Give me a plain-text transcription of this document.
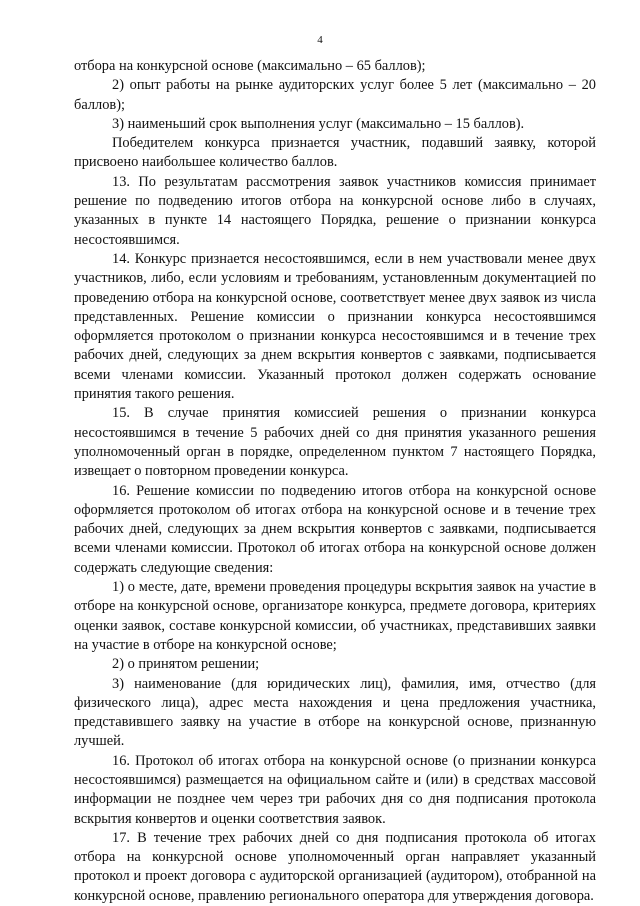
4

отбора на конкурсной основе (максимально – 65 баллов);

2) опыт работы на рынке аудиторских услуг более 5 лет (максимально – 20 баллов);

3) наименьший срок выполнения услуг (максимально – 15 баллов).

Победителем конкурса признается участник, подавший заявку, которой присвоено наибольшее количество баллов.

13. По результатам рассмотрения заявок участников комиссия принимает решение по подведению итогов отбора на конкурсной основе либо в случаях, указанных в пункте 14 настоящего Порядка, решение о признании конкурса несостоявшимся.

14. Конкурс признается несостоявшимся, если в нем участвовали менее двух участников, либо, если условиям и требованиям, установленным документацией по проведению отбора на конкурсной основе, соответствует менее двух заявок из числа представленных. Решение комиссии о признании конкурса несостоявшимся оформляется протоколом о признании конкурса несостоявшимся и в течение трех рабочих дней, следующих за днем вскрытия конвертов с заявками, подписывается всеми членами комиссии. Указанный протокол должен содержать основание принятия такого решения.

15. В случае принятия комиссией решения о признании конкурса несостоявшимся в течение 5 рабочих дней со дня принятия указанного решения уполномоченный орган в порядке, определенном пунктом 7 настоящего Порядка, извещает о повторном проведении конкурса.

16. Решение комиссии по подведению итогов отбора на конкурсной основе оформляется протоколом об итогах отбора на конкурсной основе и в течение трех рабочих дней, следующих за днем вскрытия конвертов с заявками, подписывается всеми членами комиссии. Протокол об итогах отбора на конкурсной основе должен содержать следующие сведения:

1) о месте, дате, времени проведения процедуры вскрытия заявок на участие в отборе на конкурсной основе, организаторе конкурса, предмете договора, критериях оценки заявок, составе конкурсной комиссии, об участниках, представивших заявки на участие в отборе на конкурсной основе;

2) о принятом решении;

3) наименование (для юридических лиц), фамилия, имя, отчество (для физического лица), адрес места нахождения и цена предложения участника, представившего заявку на участие в отборе на конкурсной основе, признанную лучшей.

16. Протокол об итогах отбора на конкурсной основе (о признании конкурса несостоявшимся) размещается на официальном сайте и (или) в средствах массовой информации не позднее чем через три рабочих дня со дня подписания протокола вскрытия конвертов и оценки соответствия заявок.

17. В течение трех рабочих дней со дня подписания протокола об итогах отбора на конкурсной основе уполномоченный орган направляет указанный протокол и проект договора с аудиторской организацией (аудитором), отобранной на конкурсной основе, правлению регионального оператора для утверждения договора.
